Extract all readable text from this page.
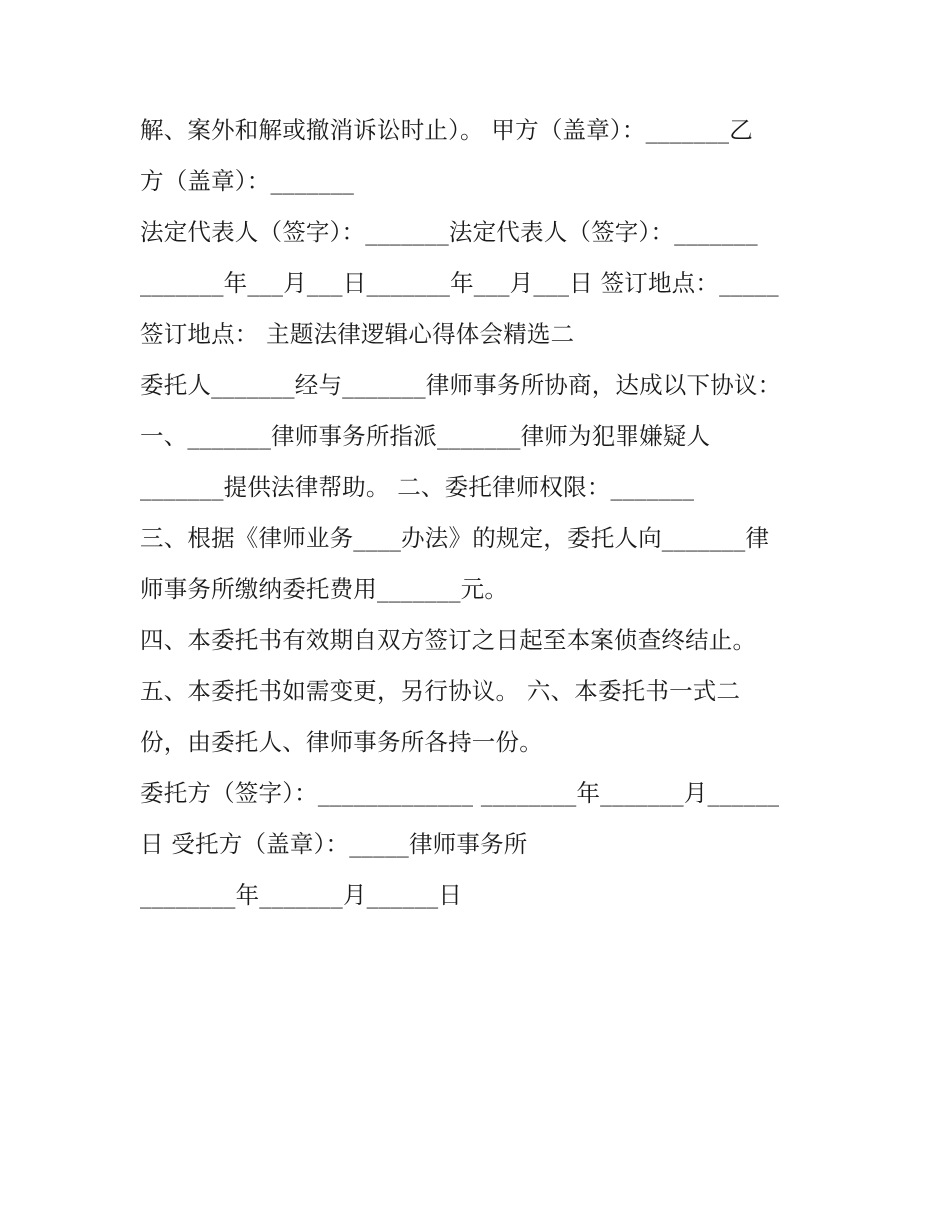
解、案外和解或撤消诉讼时止）。 甲方（盖章）：_______乙
方（盖章）：_______
法定代表人（签字）：_______法定代表人（签字）：_______
_______年___月___日_______年___月___日 签订地点：_____
签订地点： 主题法律逻辑心得体会精选二
委托人_______经与_______律师事务所协商，达成以下协议：
一、_______律师事务所指派_______律师为犯罪嫌疑人
_______提供法律帮助。 二、委托律师权限：_______
三、根据《律师业务____办法》的规定，委托人向_______律
师事务所缴纳委托费用_______元。
四、本委托书有效期自双方签订之日起至本案侦查终结止。
五、本委托书如需变更，另行协议。 六、本委托书一式二
份，由委托人、律师事务所各持一份。
委托方（签字）：_____________ ________年_______月______
日 受托方（盖章）：_____律师事务所
________年_______月______日
